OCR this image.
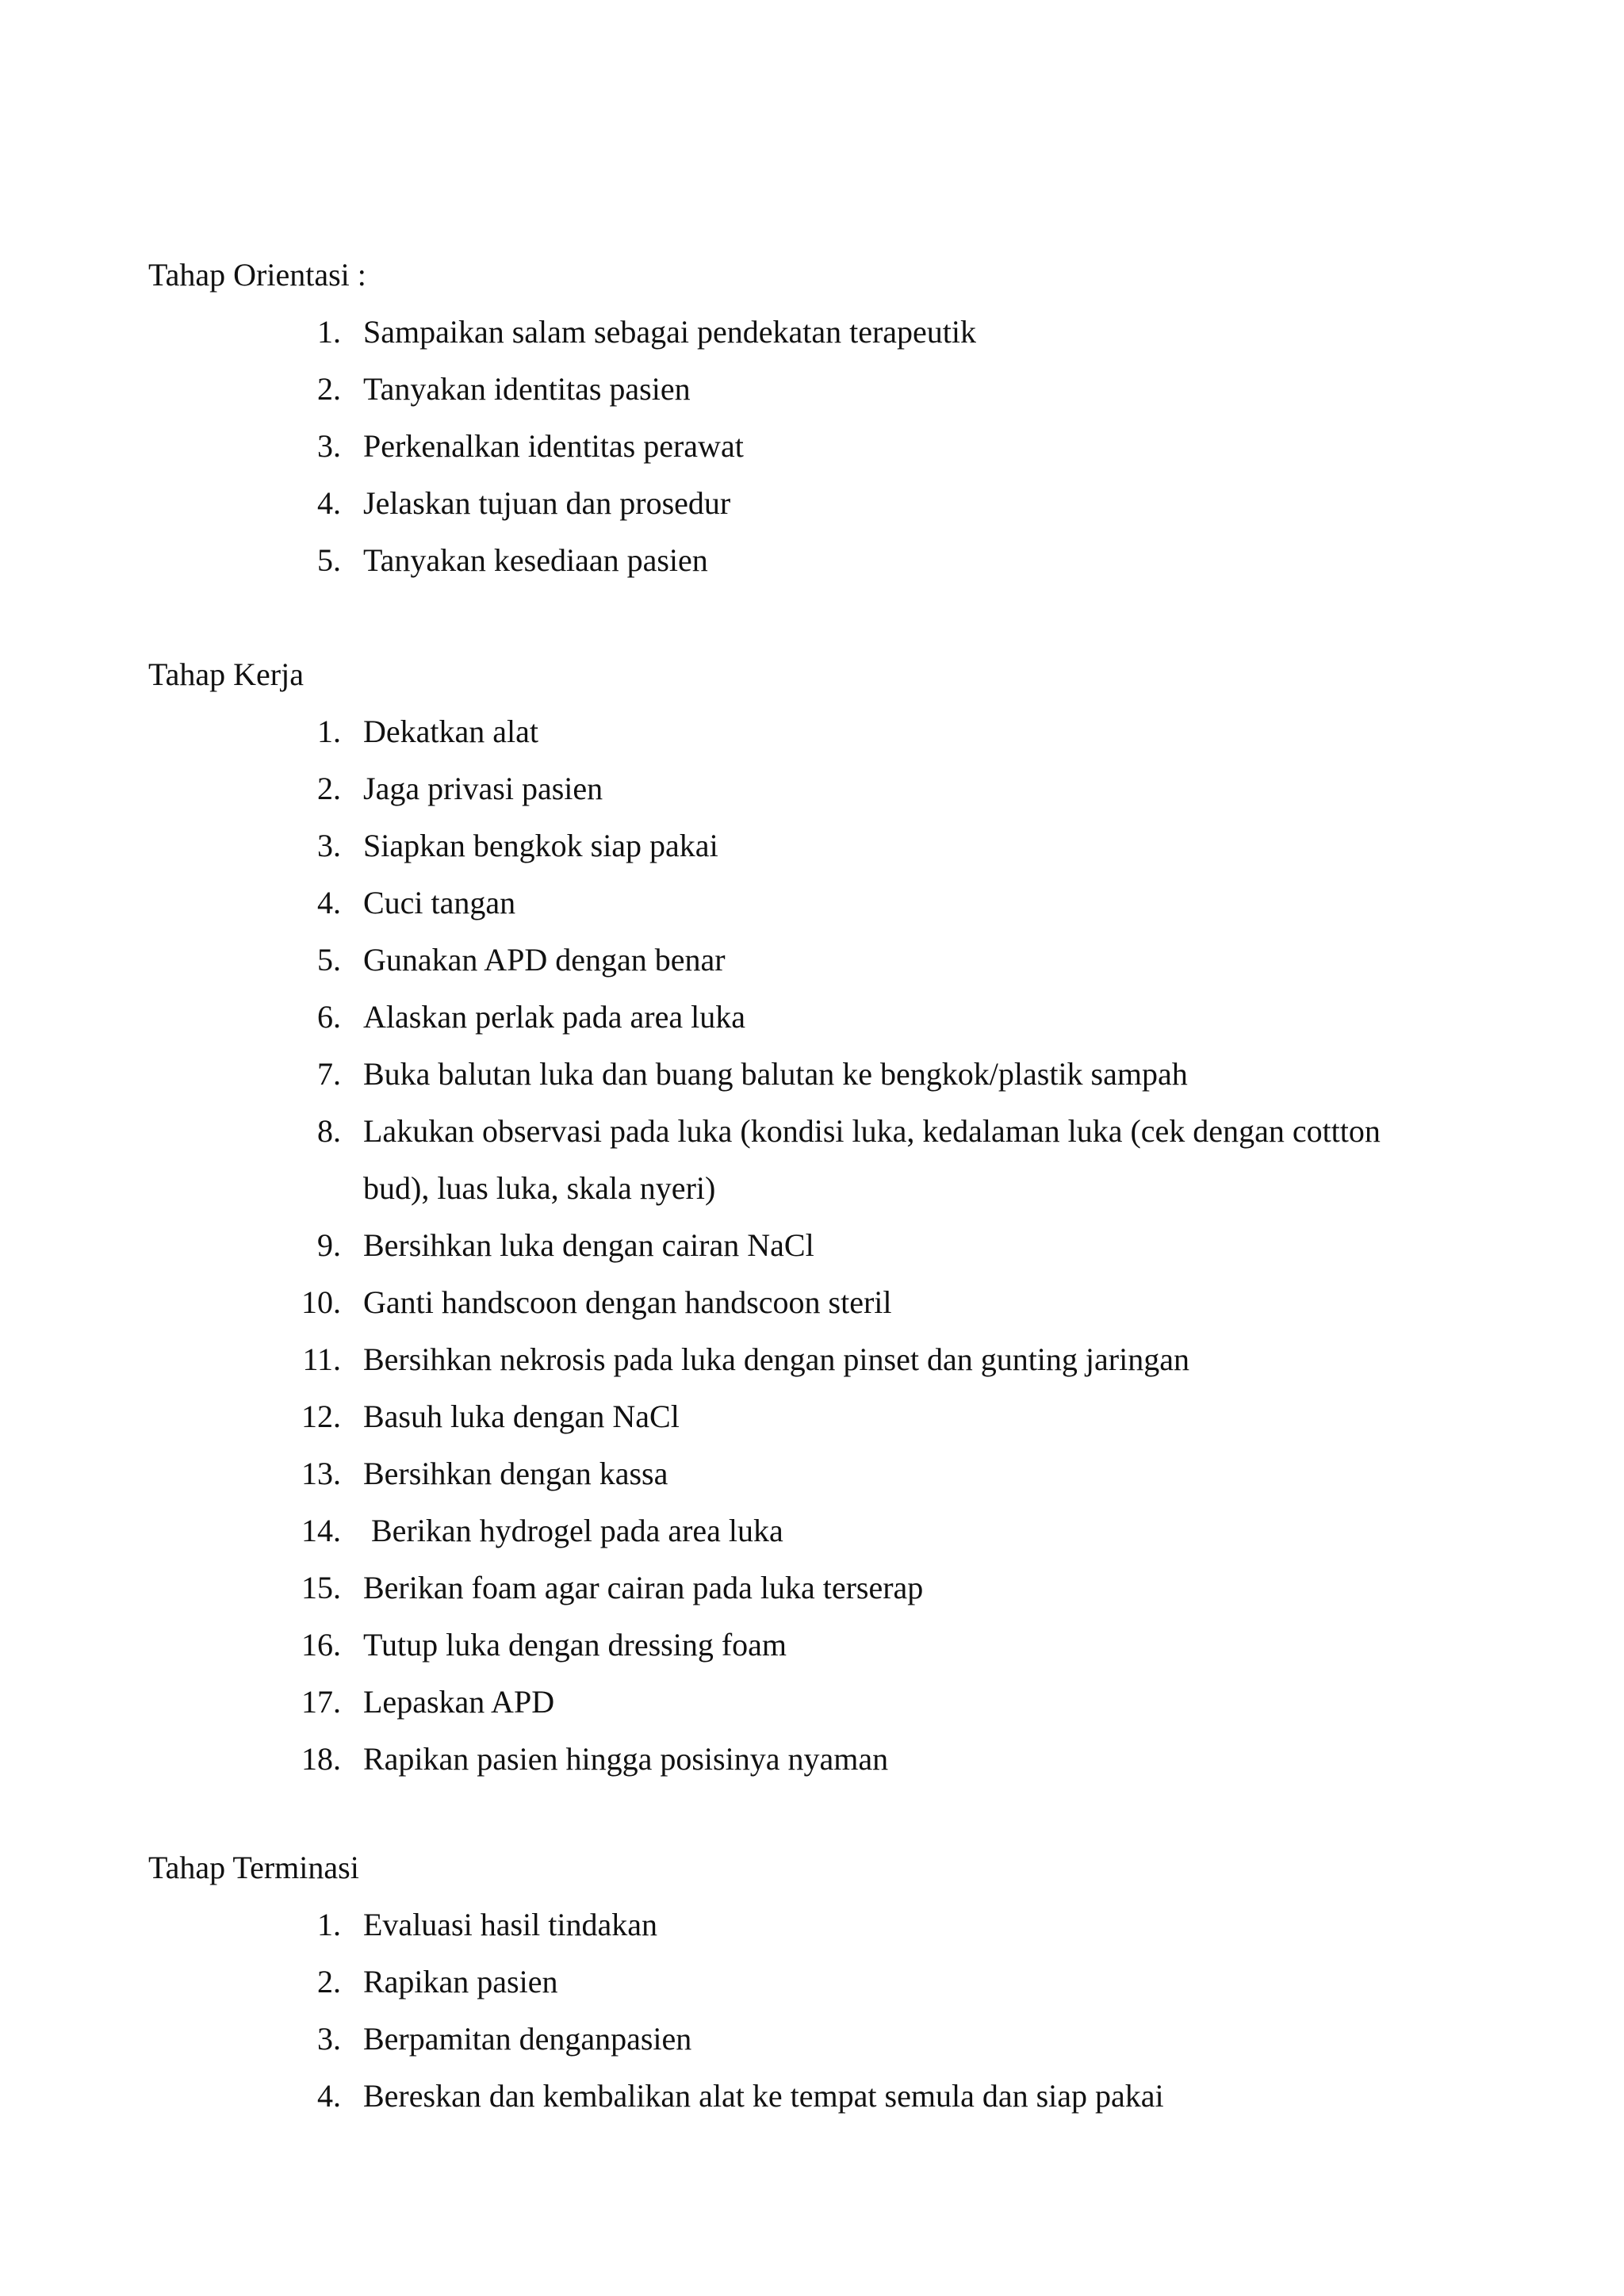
Tahap Orientasi :
1. Sampaikan salam sebagai pendekatan terapeutik
2. Tanyakan identitas pasien
3. Perkenalkan identitas perawat
4. Jelaskan tujuan dan prosedur
5. Tanyakan kesediaan pasien
Tahap Kerja
1. Dekatkan alat
2. Jaga privasi pasien
3. Siapkan bengkok siap pakai
4. Cuci tangan
5. Gunakan APD dengan benar
6. Alaskan perlak pada area luka
7. Buka balutan luka dan buang balutan ke bengkok/plastik sampah
8. Lakukan observasi pada luka (kondisi luka, kedalaman luka (cek dengan cottton bud), luas luka, skala nyeri)
9. Bersihkan luka dengan cairan NaCl
10. Ganti handscoon dengan handscoon steril
11. Bersihkan nekrosis pada luka dengan pinset dan gunting jaringan
12. Basuh luka dengan NaCl
13. Bersihkan dengan kassa
14. Berikan hydrogel pada area luka
15. Berikan foam agar cairan pada luka terserap
16. Tutup luka dengan dressing foam
17. Lepaskan APD
18. Rapikan pasien hingga posisinya nyaman
Tahap Terminasi
1. Evaluasi hasil tindakan
2. Rapikan pasien
3. Berpamitan denganpasien
4. Bereskan dan kembalikan alat ke tempat semula dan siap pakai
